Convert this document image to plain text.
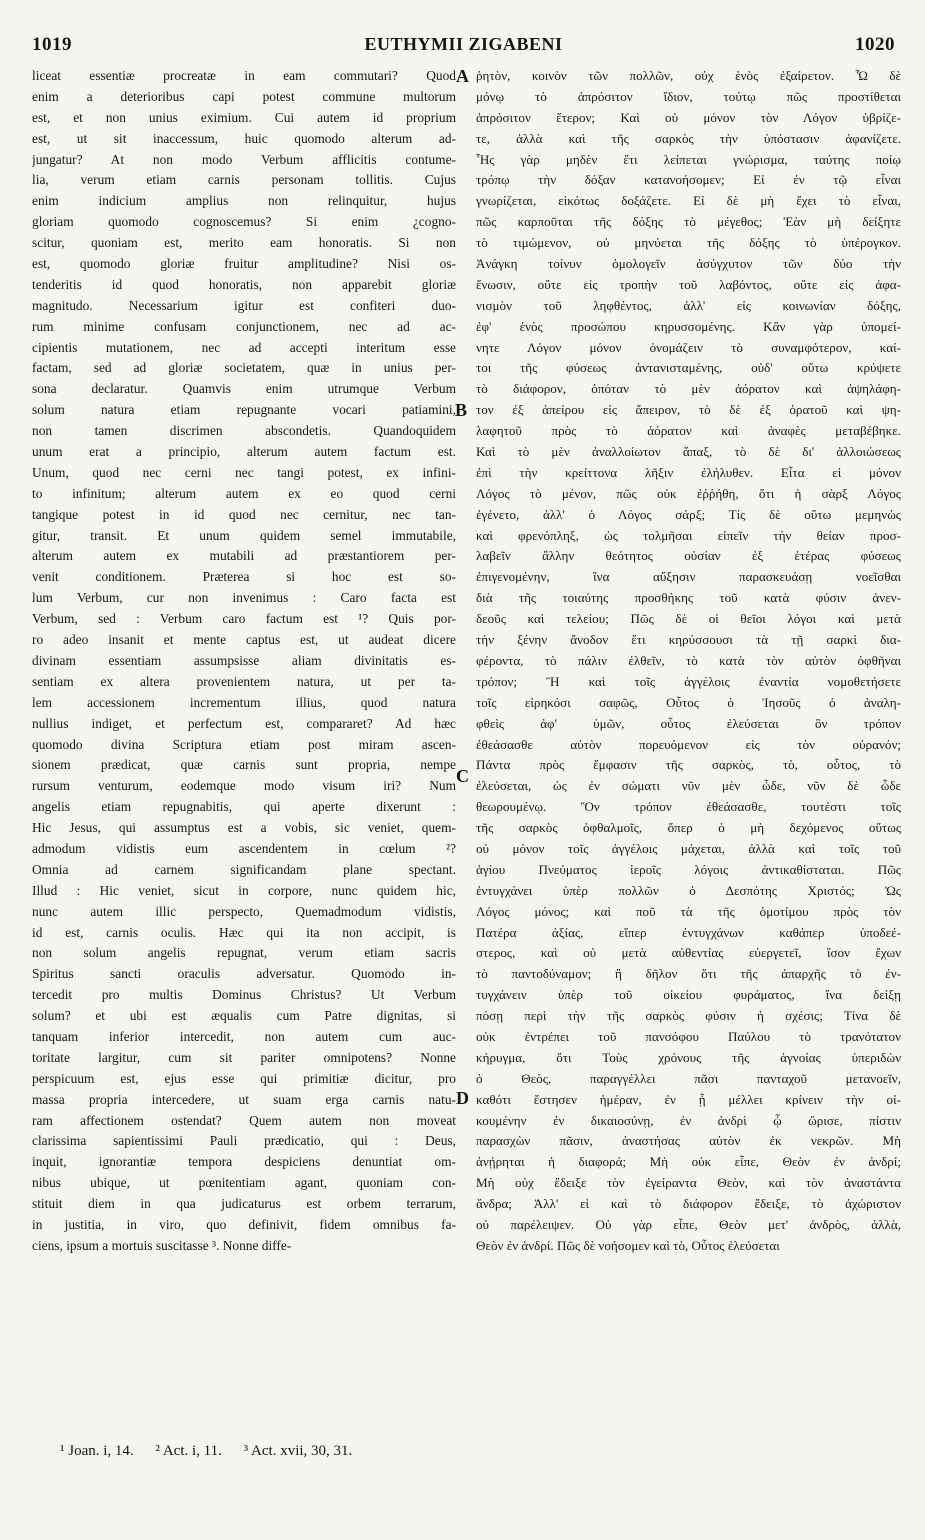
1019	EUTHYMII ZIGABENI	1020
liceat essentiæ procreatæ in eam commutari? Quod
enim a deterioribus capi potest commune multorum
est, et non unius eximium. Cui autem id proprium
est, ut sit inaccessum, huic quomodo alterum ad-
jungatur? At non modo Verbum afflicitis contume-
lia, verum etiam carnis personam tollitis. Cujus
enim indicium amplius non relinquitur, hujus
gloriam quomodo cognoscemus? Si enim ¿cogno-
scitur, quoniam est, merito eam honoratis. Si non
est, quomodo gloriæ fruitur amplitudine? Nisi os-
tenderitis id quod honoratis, non apparebit gloriæ
magnitudo. Necessarium igitur est confiteri duo-
rum minime confusam conjunctionem, nec ad ac-
cipientis mutationem, nec ad accepti interitum esse
factam, sed ad gloriæ societatem, quæ in unius per-
sona declaratur. Quamvis enim utrumque Verbum
solum natura etiam repugnante vocari patiamini,
non tamen discrimen abscondetis. Quandoquidem
unum erat a principio, alterum autem factum est.
Unum, quod nec cerni nec tangi potest, ex infini-
to infinitum; alterum autem ex eo quod cerni
tangique potest in id quod nec cernitur, nec tan-
gitur, transit. Et unum quidem semel immutabile,
alterum autem ex mutabili ad præstantiorem per-
venit conditionem. Præterea si hoc est so-
lum Verbum, cur non invenimus : Caro facta est
Verbum, sed : Verbum caro factum est ¹? Quis por-
ro adeo insanit et mente captus est, ut audeat dicere
divinam essentiam assumpsisse aliam divinitatis es-
sentiam ex altera provenientem natura, ut per ta-
lem accessionem incrementum illius, quod natura
nullius indiget, et perfectum est, compararet? Ad hæc
quomodo divina Scriptura etiam post miram ascen-
sionem prædicat, quæ carnis sunt propria, nempe
rursum venturum, eodemque modo visum iri? Num
angelis etiam repugnabitis, qui aperte dixerunt :
Hic Jesus, qui assumptus est a vobis, sic veniet, quem-
admodum vidistis eum ascendentem in cœlum ²?
Omnia ad carnem significandam plane spectant.
Illud : Hic veniet, sicut in corpore, nunc quidem hic,
nunc autem illic perspecto, Quemadmodum vidistis,
id est, carnis oculis. Hæc qui ita non accipit, is
non solum angelis repugnat, verum etiam sacris
Spiritus sancti oraculis adversatur. Quomodo in-
tercedit pro multis Dominus Christus? Ut Verbum
solum? et ubi est æqualis cum Patre dignitas, si
tanquam inferior intercedit, non autem cum auc-
toritate largitur, cum sit pariter omnipotens? Nonne
perspicuum est, ejus esse qui primitiæ dicitur, pro
massa propria intercedere, ut suam erga carnis natu-
ram affectionem ostendat? Quem autem non moveat
clarissima sapientissimi Pauli prædicatio, qui : Deus,
inquit, ignorantiæ tempora despiciens denuntiat om-
nibus ubique, ut pœnitentiam agant, quoniam con-
stituit diem in qua judicaturus est orbem terrarum,
in justitia, in viro, quo definivit, fidem omnibus fa-
ciens, ipsum a mortuis suscitasse ³. Nonne diffe-
ῥητὸν, κοινὸν τῶν πολλῶν, οὐχ ἑνὸς ἐξαίρετον. Ὧ δὲ
μόνῳ τὸ ἀπρόσιτον ἴδιον, τούτῳ πῶς προστίθεται
ἀπρόσιτον ἕτερον; Καὶ οὐ μόνον τὸν Λόγον ὑβρίζε-
τε, ἀλλὰ καὶ τῆς σαρκὸς τὴν ὑπόστασιν ἀφανίζετε.
Ἧς γὰρ μηδὲν ἔτι λείπεται γνώρισμα, ταύτης ποίῳ
τρόπῳ τὴν δόξαν κατανοήσομεν; Εἰ ἐν τῷ εἶναι
γνωρίζεται, εἰκότως δοξάζετε. Εἰ δὲ μὴ ἔχει τὸ εἶναι,
πῶς καρποῦται τῆς δόξης τὸ μέγεθος; Ἐὰν μὴ δείξητε
τὸ τιμώμενον, οὐ μηνύεται τῆς δόξης τὸ ὑπέρογκον.
Ἀνάγκη τοίνυν ὁμολογεῖν ἀσύγχυτον τῶν δύο τὴν
ἕνωσιν, οὔτε εἰς τροπὴν τοῦ λαβόντος, οὔτε εἰς ἀφα-
νισμὸν τοῦ ληφθέντος, ἀλλ' εἰς κοινωνίαν δόξης,
ἐφ' ἑνὸς προσώπου κηρυσσομένης. Κἂν γὰρ ὑπομεί-
νητε Λόγον μόνον ὀνομάζειν τὸ συναμφότερον, καί-
τοι τῆς φύσεως ἀντανισταμένης, οὐδ' οὕτω κρύψετε
τὸ διάφορον, ὁπόταν τὸ μὲν ἀόρατον καὶ ἀψηλάφη-
τον ἐξ ἀπείρου εἰς ἄπειρον, τὸ δὲ ἐξ ὁρατοῦ καὶ ψη-
λαφητοῦ πρὸς τὸ ἀόρατον καὶ ἀναφὲς μεταβέβηκε.
Καὶ τὸ μὲν ἀναλλοίωτον ἅπαξ, τὸ δὲ δι' ἀλλοιώσεως
ἐπὶ τὴν κρείττονα λῆξιν ἐλήλυθεν. Εἶτα εἰ μόνον
Λόγος τὸ μένον, πῶς οὐκ ἐῤῥήθη, ὅτι ἡ σὰρξ Λόγος
ἐγένετο, ἀλλ' ὁ Λόγος σάρξ; Τίς δὲ οὕτω μεμηνὼς
καὶ φρενόπληξ, ὡς τολμῆσαι εἰπεῖν τὴν θείαν προσ-
λαβεῖν ἄλλην θεότητος οὐσίαν ἐξ ἑτέρας φύσεως
ἐπιγενομένην, ἵνα αὔξησιν παρασκευάσῃ νοεῖσθαι
διὰ τῆς τοιαύτης προσθήκης τοῦ κατὰ φύσιν ἀνεν-
δεοῦς καὶ τελείου; Πῶς δὲ οἱ θεῖοι λόγοι καὶ μετὰ
τὴν ξένην ἄνοδον ἔτι κηρύσσουσι τὰ τῇ σαρκὶ δια-
φέροντα, τὸ πάλιν ἐλθεῖν, τὸ κατὰ τὸν αὐτὸν ὀφθῆναι
τρόπον; Ἢ καὶ τοῖς ἀγγέλοις ἐναντία νομοθετήσετε
τοῖς εἰρηκόσι σαφῶς, Οὗτος ὁ Ἰησοῦς ὁ ἀναλη-
φθεὶς ἀφ' ὑμῶν, οὗτος ἐλεύσεται ὃν τρόπον
ἐθεάσασθε αὐτὸν πορευόμενον εἰς τὸν οὐρανόν;
Πάντα πρὸς ἔμφασιν τῆς σαρκὸς, τὸ, οὗτος, τὸ
ἐλεύσεται, ὡς ἐν σώματι νῦν μὲν ὧδε, νῦν δὲ ὧδε
θεωρουμένῳ. Ὃν τρόπον ἐθεάσασθε, τουτέστι τοῖς
τῆς σαρκὸς ὀφθαλμοῖς, ὅπερ ὁ μὴ δεχόμενος οὕτως
οὐ μόνον τοῖς ἀγγέλοις μάχεται, ἀλλὰ καὶ τοῖς τοῦ
ἁγίου Πνεύματος ἱεροῖς λόγοις ἀντικαθίσταται. Πῶς
ἐντυγχάνει ὑπὲρ πολλῶν ὁ Δεσπότης Χριστός; Ὡς
Λόγος μόνος; καὶ ποῦ τὰ τῆς ὁμοτίμου πρὸς τὸν
Πατέρα ἀξίας, εἴπερ ἐντυγχάνων καθάπερ ὑποδεέ-
στερος, καὶ οὐ μετὰ αὐθεντίας εὐεργετεῖ, ἴσον ἔχων
τὸ παντοδύναμον; ἢ δῆλον ὅτι τῆς ἀπαρχῆς τὸ ἐν-
τυγχάνειν ὑπὲρ τοῦ οἰκείου φυράματος, ἵνα δείξῃ
πόσῃ περὶ τὴν τῆς σαρκὸς φύσιν ἡ σχέσις; Τίνα δὲ
οὐκ ἐντρέπει τοῦ πανσόφου Παύλου τὸ τρανότατον
κήρυγμα, ὅτι Τοὺς χρόνους τῆς ἀγνοίας ὑπεριδὼν
ὁ Θεὸς, παραγγέλλει πᾶσι πανταχοῦ μετανοεῖν,
καθότι ἔστησεν ἡμέραν, ἐν ᾗ μέλλει κρίνειν τὴν οἰ-
κουμένην ἐν δικαιοσύνῃ, ἐν ἀνδρὶ ᾧ ὥρισε, πίστιν
παρασχὼν πᾶσιν, ἀναστήσας αὐτὸν ἐκ νεκρῶν. Μὴ
ἀνῄρηται ἡ διαφορά; Μὴ οὐκ εἶπε, Θεὸν ἐν ἀνδρί;
Μὴ οὐχ ἔδειξε τὸν ἐγείραντα Θεὸν, καὶ τὸν ἀναστάντα
ἄνδρα; Ἀλλ' εἰ καὶ τὸ διάφορον ἔδειξε, τὸ ἀχώριστον
οὐ παρέλειψεν. Οὐ γὰρ εἶπε, Θεὸν μετ' ἀνδρὸς, ἀλλὰ,
Θεὸν ἐν ἀνδρί. Πῶς δὲ νοήσομεν καὶ τὸ, Οὗτος ἐλεύσεται
A
B
C
D
¹ Joan. i, 14. ² Act. i, 11. ³ Act. xvii, 30, 31.
